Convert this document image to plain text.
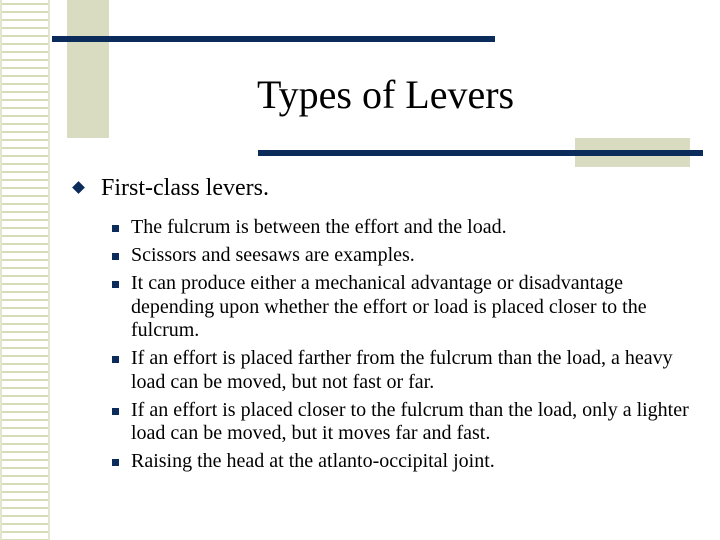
Types of Levers
First-class levers.
The fulcrum is between the effort and the load.
Scissors and seesaws are examples.
It can produce either a mechanical advantage or disadvantage depending upon whether the effort or load is placed closer to the fulcrum.
If an effort is placed farther from the fulcrum than the load, a heavy load can be moved, but not fast or far.
If an effort is placed closer to the fulcrum than the load, only a lighter load can be moved, but it moves far and fast.
Raising the head at the atlanto-occipital joint.
